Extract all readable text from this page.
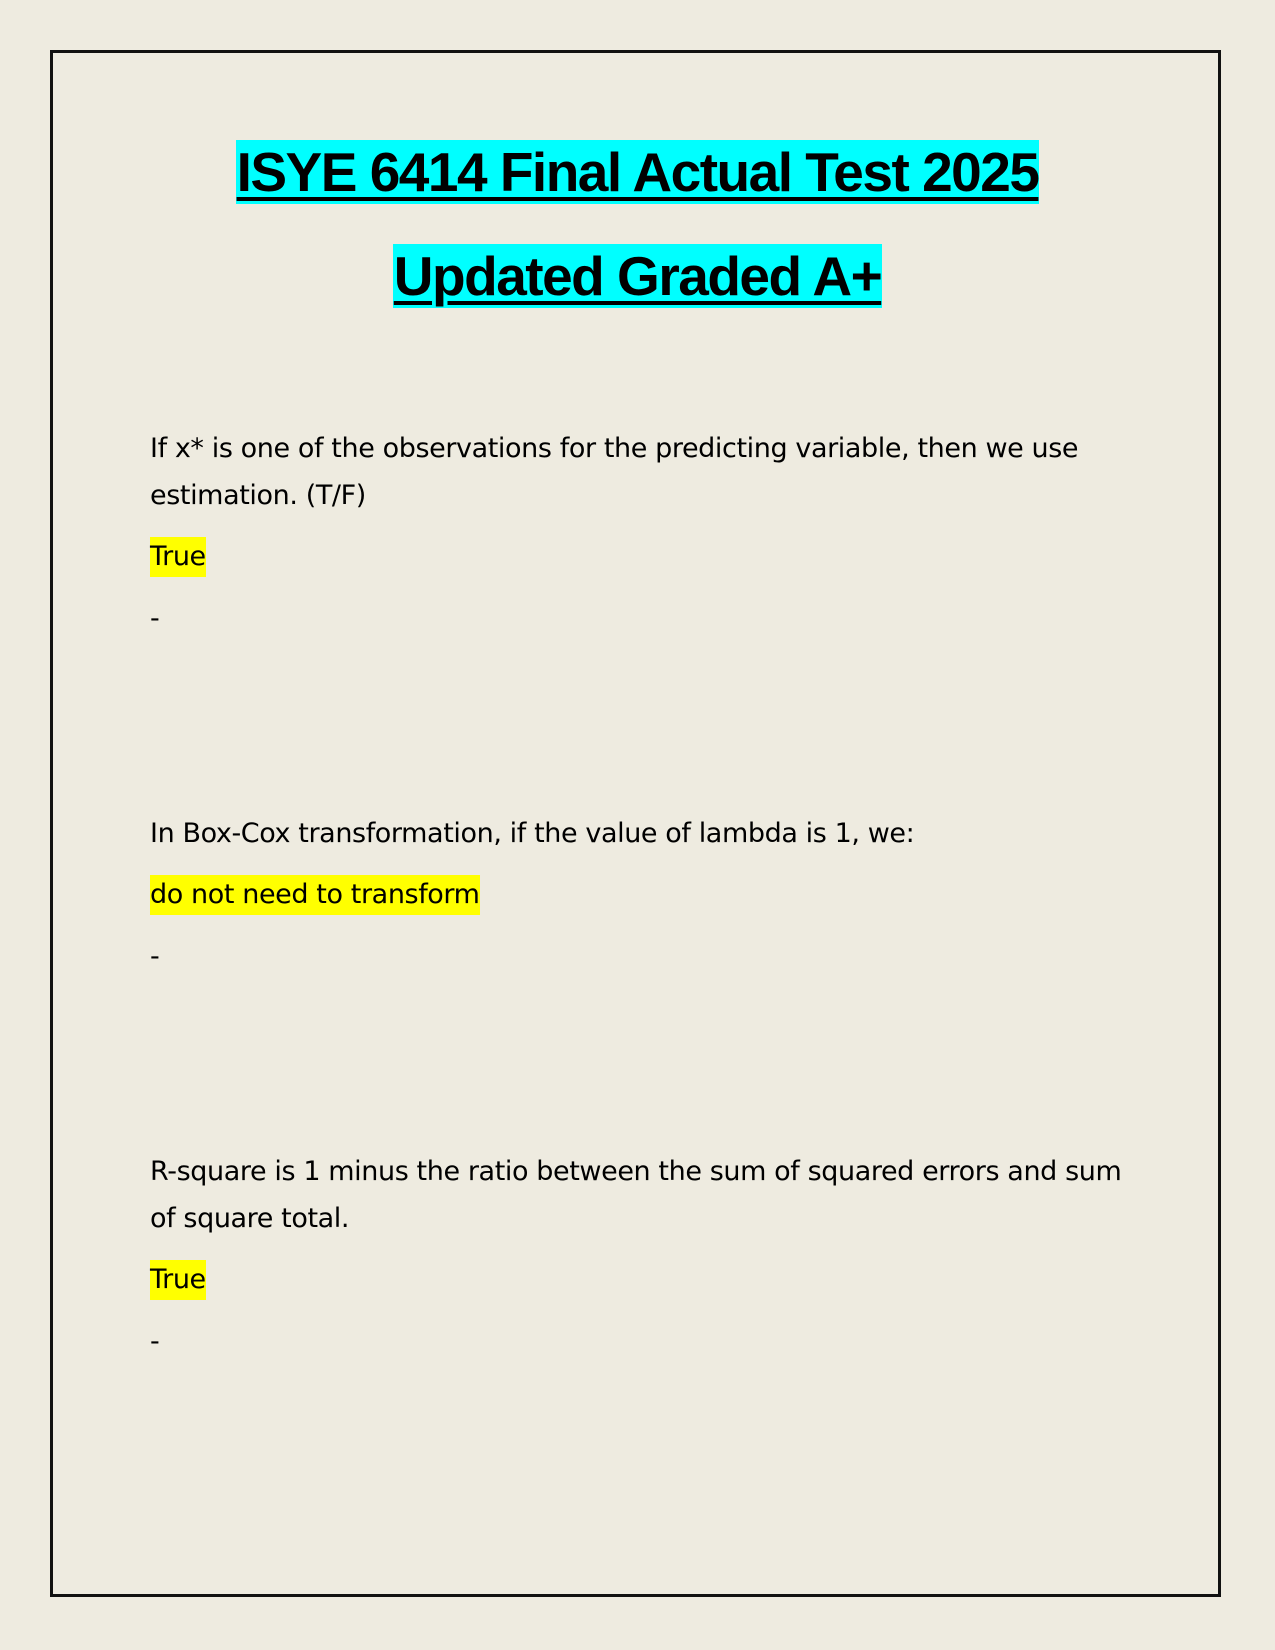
ISYE 6414 Final Actual Test 2025
Updated Graded A+

If x* is one of the observations for the predicting variable, then we use estimation. (T/F)

True
-

In Box-Cox transformation, if the value of lambda is 1, we:

do not need to transform
-

R-square is 1 minus the ratio between the sum of squared errors and sum of square total.

True
-
